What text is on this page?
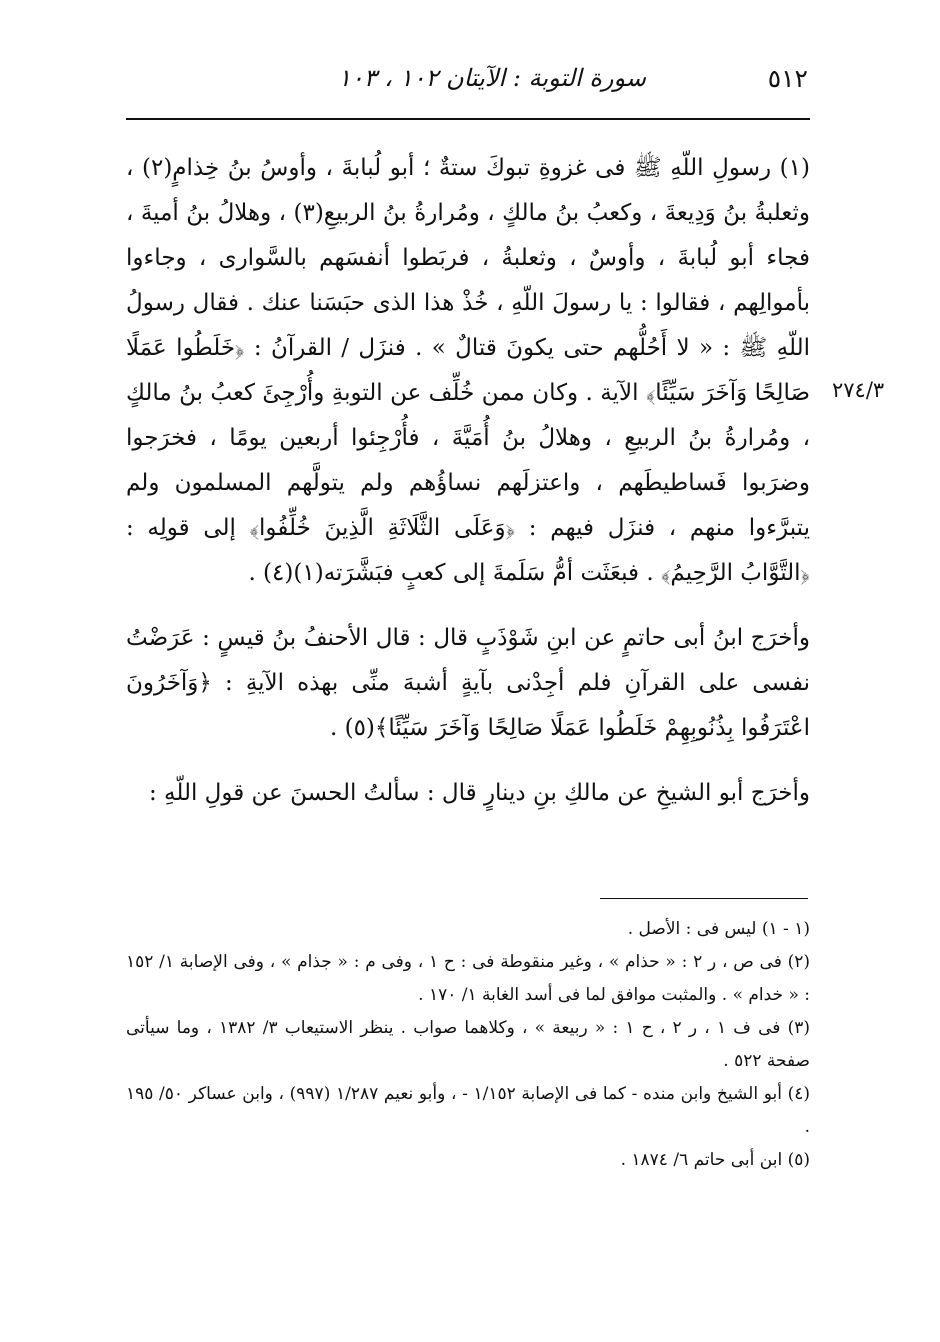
٥١٢
سورة التوبة : الآيتان ١٠٢ ، ١٠٣
٢٧٤/٣

(١) رسولِ اللّهِ ﷺ فى غزوةِ تبوكَ ستةٌ ؛ أبو لُبابةَ ، وأوسُ بنُ خِذامٍ(٢) ، وثعلبةُ بنُ وَدِيعةَ ، وكعبُ بنُ مالكٍ ، ومُرارةُ بنُ الربيعِ(٣) ، وهلالُ بنُ أميةَ ، فجاء أبو لُبابةَ ، وأوسٌ ، وثعلبةُ ، فربَطوا أنفسَهم بالسَّوارى ، وجاءوا بأموالِهم ، فقالوا : يا رسولَ اللّهِ ، خُذْ هذا الذى حبَسَنا عنك . فقال رسولُ اللّهِ ﷺ : « لا أَحُلُّهم حتى يكونَ قتالٌ » . فنزَل / القرآنُ : ﴿خَلَطُوا عَمَلًا صَالِحًا وَآخَرَ سَيِّئًا﴾ الآية . وكان ممن خُلِّف عن التوبةِ وأُرْجِئَ كعبُ بنُ مالكٍ ، ومُرارةُ بنُ الربيعِ ، وهلالُ بنُ أُمَيَّةَ ، فأُرْجِئوا أربعين يومًا ، فخرَجوا وضرَبوا فَساطيطَهم ، واعتزلَهم نساؤُهم ولم يتولَّهم المسلمون ولم يتبرَّءوا منهم ، فنزَل فيهم : ﴿وَعَلَى الثَّلَاثَةِ الَّذِينَ خُلِّفُوا﴾ إلى قولِه : ﴿التَّوَّابُ الرَّحِيمُ﴾ . فبعَثَت أمُّ سَلَمةَ إلى كعبٍ فبَشَّرَته(١)(٤) .

وأخرَج ابنُ أبى حاتمٍ عن ابنِ شَوْذَبٍ قال : قال الأحنفُ بنُ قيسٍ : عَرَضْتُ نفسى على القرآنِ فلم أجِدْنى بآيةٍ أشبهَ منِّى بهذه الآيةِ : ﴿وَآخَرُونَ اعْتَرَفُوا بِذُنُوبِهِمْ خَلَطُوا عَمَلًا صَالِحًا وَآخَرَ سَيِّئًا﴾(٥) .

وأخرَج أبو الشيخِ عن مالكِ بنِ دينارٍ قال : سألتُ الحسنَ عن قولِ اللّهِ :

(١ - ١) ليس فى : الأصل .

(٢) فى ص ، ر ٢ : « حذام » ، وغير منقوطة فى : ح ١ ، وفى م : « جذام » ، وفى الإصابة ١/ ١٥٢ : « خدام » . والمثبت موافق لما فى أسد الغابة ١/ ١٧٠ .

(٣) فى ف ١ ، ر ٢ ، ح ١ : « ربيعة » ، وكلاهما صواب . ينظر الاستيعاب ٣/ ١٣٨٢ ، وما سيأتى صفحة ٥٢٢ .

(٤) أبو الشيخ وابن منده - كما فى الإصابة ١/١٥٢ - ، وأبو نعيم ١/٢٨٧ (٩٩٧) ، وابن عساكر ٥٠/ ١٩٥ .

(٥) ابن أبى حاتم ٦/ ١٨٧٤ .
